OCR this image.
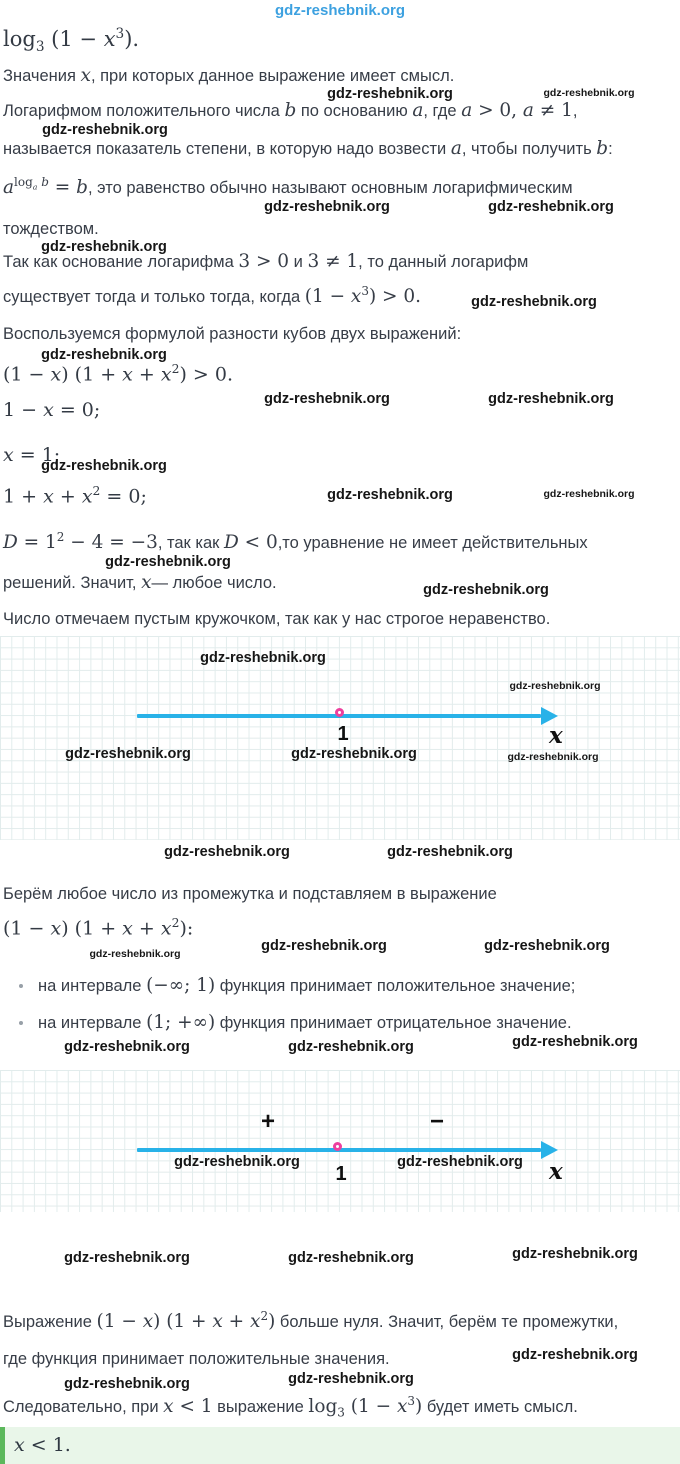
gdz-reshebnik.org
$\log_3 (1 - x^3)$.
Значения x, при которых данное выражение имеет смысл.
gdz-reshebnik.org	gdz-reshebnik.org
Логарифмом положительного числа b по основанию a, где a > 0, a ≠ 1,
gdz-reshebnik.org
называется показатель степени, в которую надо возвести a, чтобы получить b:
$a^{log_a b} = b$, это равенство обычно называют основным логарифмическим
gdz-reshebnik.org	gdz-reshebnik.org
тождеством.
gdz-reshebnik.org
Так как основание логарифма 3 > 0 и 3 ≠ 1, то данный логарифм
существует тогда и только тогда, когда $(1 - x^3) > 0$.	gdz-reshebnik.org
Воспользуемся формулой разности кубов двух выражений:
gdz-reshebnik.org
(1 − x) $(1 + x + x^2) > 0$.
gdz-reshebnik.org	gdz-reshebnik.org
1 − x = 0;
x = 1;
gdz-reshebnik.org
$1 + x + x^2 = 0$;	gdz-reshebnik.org	gdz-reshebnik.org
$D = 1^2 - 4 = -3$, так как D < 0,то уравнение не имеет действительных
gdz-reshebnik.org
решений. Значит, x— любое число.	gdz-reshebnik.org
Число отмечаем пустым кружочком, так как у нас строгое неравенство.
gdz-reshebnik.org
gdz-reshebnik.org
1	x
gdz-reshebnik.org	gdz-reshebnik.org	gdz-reshebnik.org
gdz-reshebnik.org	gdz-reshebnik.org
Берём любое число из промежутка и подставляем в выражение
(1 − x) $(1 + x + x^2)$:
gdz-reshebnik.org	gdz-reshebnik.org	gdz-reshebnik.org
на интервале (−∞; 1) функция принимает положительное значение;
на интервале (1; +∞) функция принимает отрицательное значение.
gdz-reshebnik.org	gdz-reshebnik.org	gdz-reshebnik.org
+	−
gdz-reshebnik.org	gdz-reshebnik.org
1	x
gdz-reshebnik.org	gdz-reshebnik.org	gdz-reshebnik.org
Выражение (1 − x) $(1 + x + x^2)$ больше нуля. Значит, берём те промежутки,
где функция принимает положительные значения.	gdz-reshebnik.org
gdz-reshebnik.org	gdz-reshebnik.org
Следовательно, при x < 1 выражение $\log_3 (1 - x^3)$ будет иметь смысл.
x < 1.
